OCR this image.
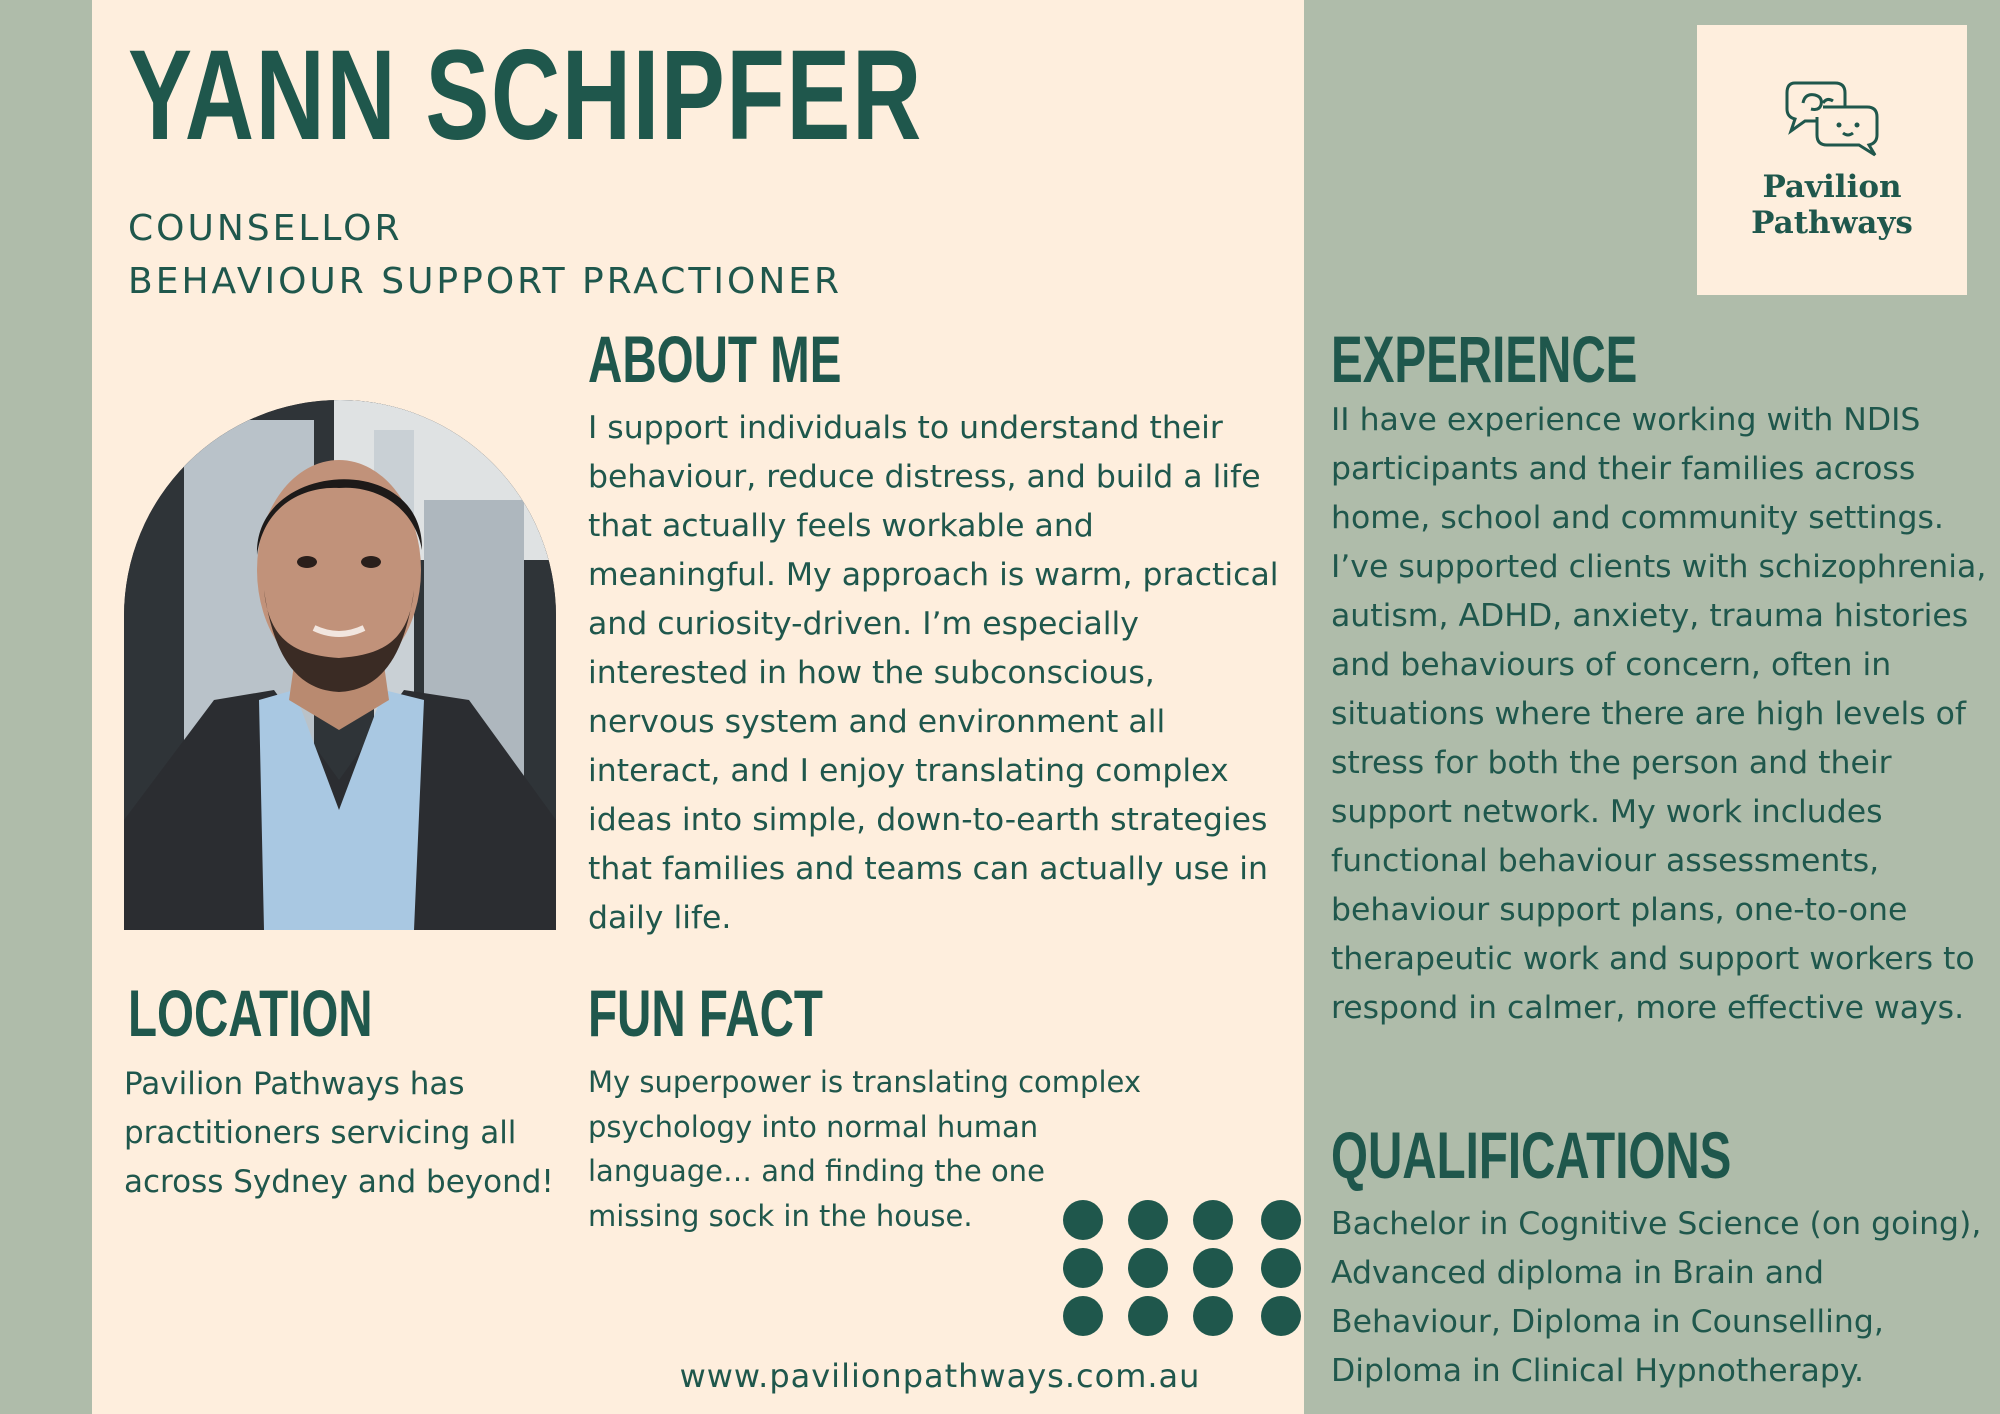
YANN SCHIPFER
COUNSELLOR
BEHAVIOUR SUPPORT PRACTIONER
ABOUT ME
I support individuals to understand their behaviour, reduce distress, and build a life that actually feels workable and meaningful. My approach is warm, practical and curiosity-driven. I’m especially interested in how the subconscious, nervous system and environment all interact, and I enjoy translating complex ideas into simple, down-to-earth strategies that families and teams can actually use in daily life.
LOCATION
Pavilion Pathways has practitioners servicing all across Sydney and beyond!
FUN FACT
My superpower is translating complex psychology into normal human language… and finding the one missing sock in the house.
EXPERIENCE
II have experience working with NDIS participants and their families across home, school and community settings. I’ve supported clients with schizophrenia, autism, ADHD, anxiety, trauma histories and behaviours of concern, often in situations where there are high levels of stress for both the person and their support network. My work includes functional behaviour assessments, behaviour support plans, one-to-one therapeutic work and support workers to respond in calmer, more effective ways.
QUALIFICATIONS
Bachelor in Cognitive Science (on going), Advanced diploma in Brain and Behaviour, Diploma in Counselling, Diploma in Clinical Hypnotherapy.
www.pavilionpathways.com.au
Pavilion
Pathways
